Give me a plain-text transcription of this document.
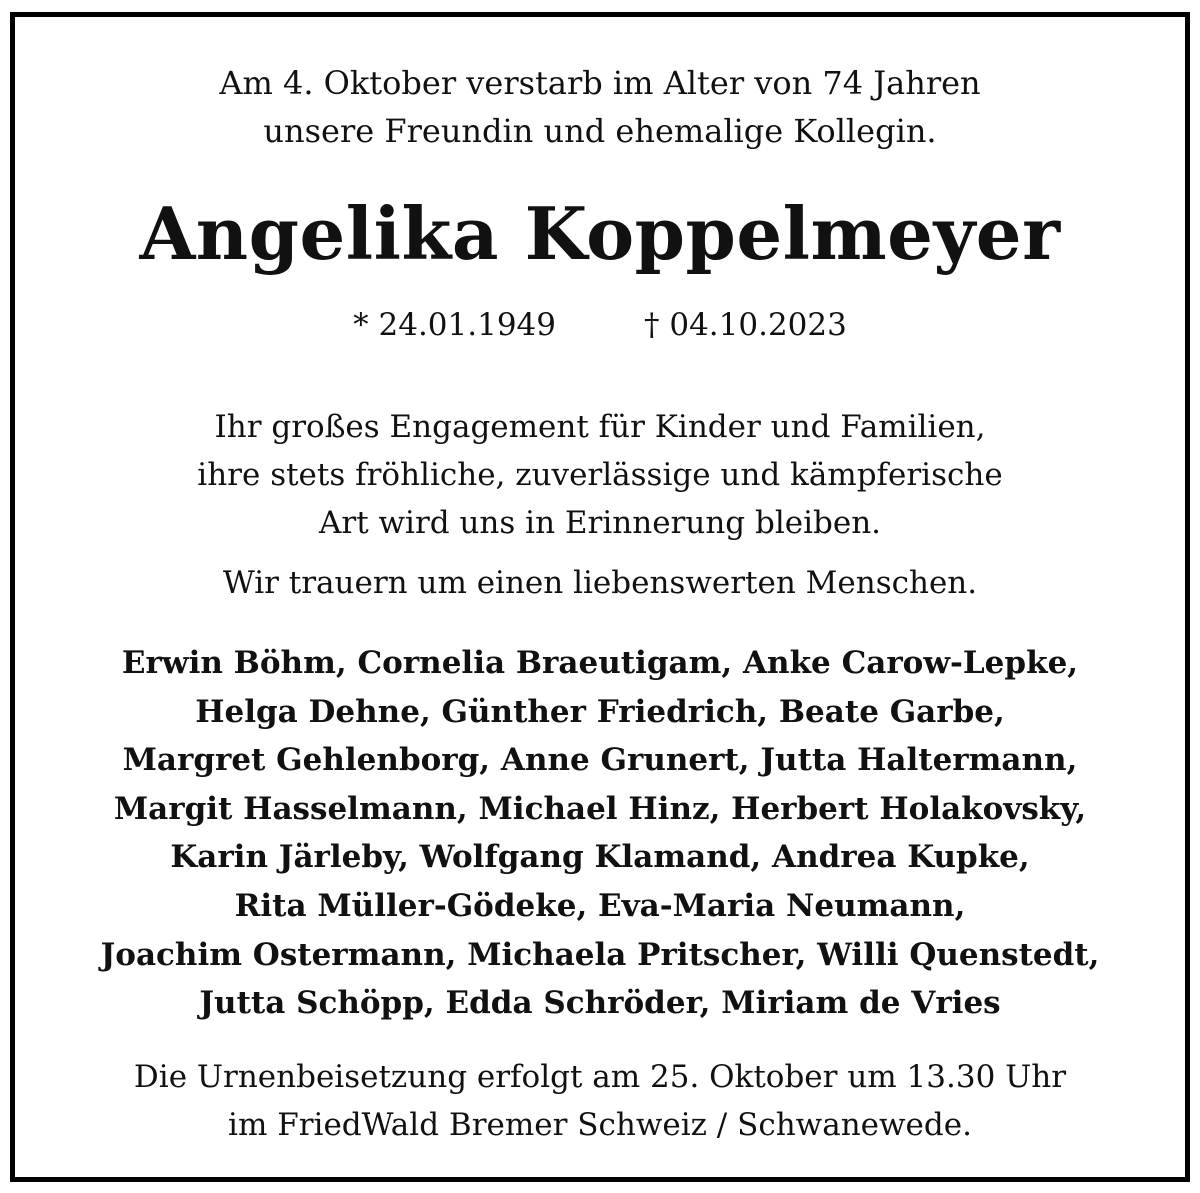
Am 4. Oktober verstarb im Alter von 74 Jahren
unsere Freundin und ehemalige Kollegin.
Angelika Koppelmeyer
* 24.01.1949	† 04.10.2023
Ihr großes Engagement für Kinder und Familien,
ihre stets fröhliche, zuverlässige und kämpferische
Art wird uns in Erinnerung bleiben.
Wir trauern um einen liebenswerten Menschen.
Erwin Böhm, Cornelia Braeutigam, Anke Carow-Lepke,
Helga Dehne, Günther Friedrich, Beate Garbe,
Margret Gehlenborg, Anne Grunert, Jutta Haltermann,
Margit Hasselmann, Michael Hinz, Herbert Holakovsky,
Karin Järleby, Wolfgang Klamand, Andrea Kupke,
Rita Müller-Gödeke, Eva-Maria Neumann,
Joachim Ostermann, Michaela Pritscher, Willi Quenstedt,
Jutta Schöpp, Edda Schröder, Miriam de Vries
Die Urnenbeisetzung erfolgt am 25. Oktober um 13.30 Uhr
im FriedWald Bremer Schweiz / Schwanewede.
